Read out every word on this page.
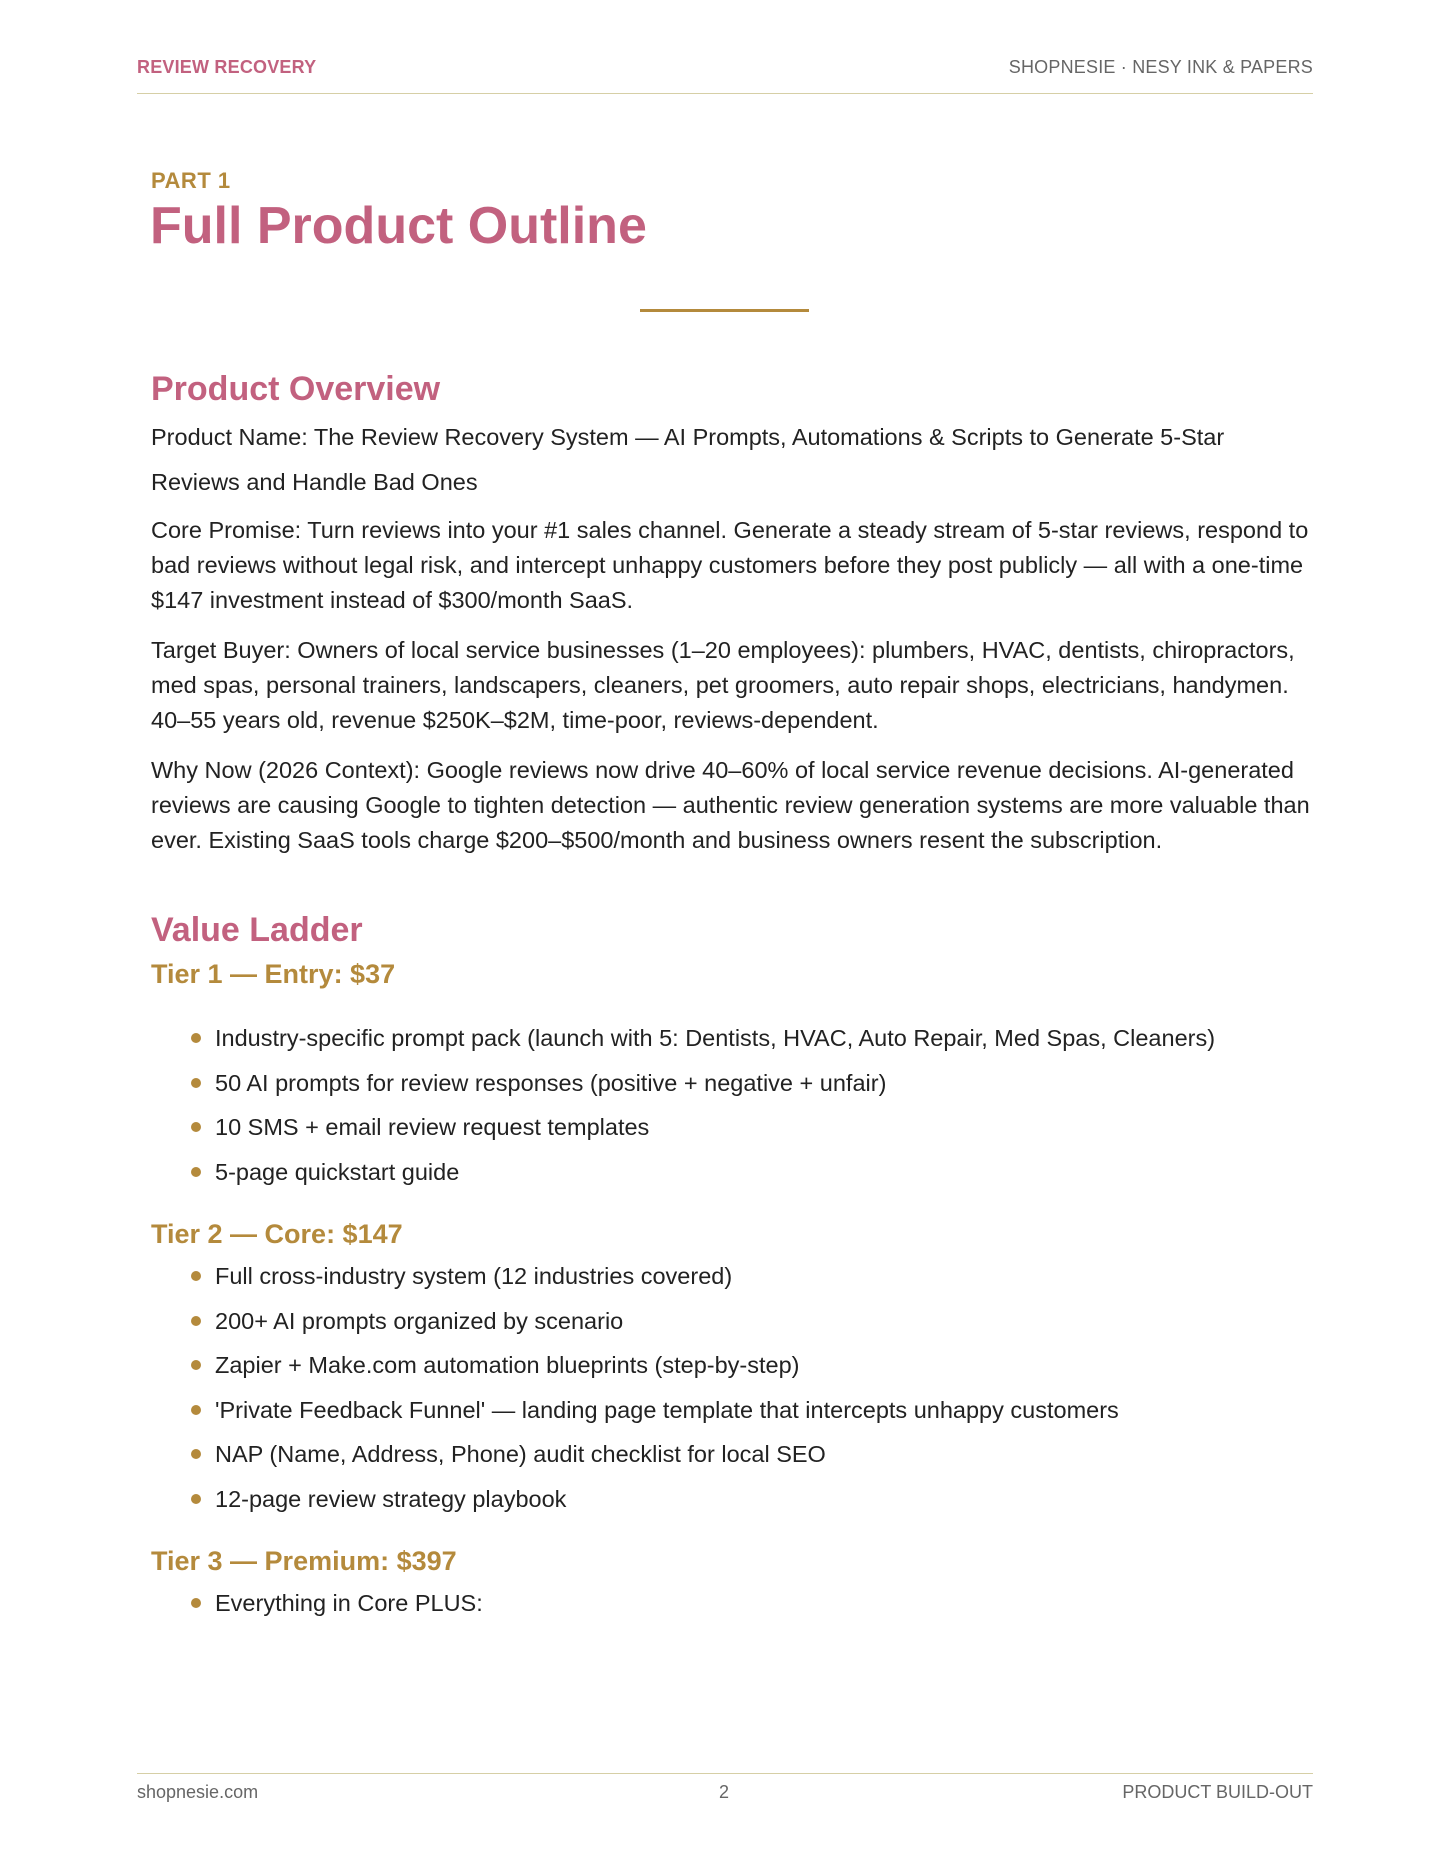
REVIEW RECOVERY	SHOPNESIE · NESY INK & PAPERS
PART 1
Full Product Outline
Product Overview

Product Name: The Review Recovery System — AI Prompts, Automations & Scripts to Generate 5-Star Reviews and Handle Bad Ones

Core Promise: Turn reviews into your #1 sales channel. Generate a steady stream of 5-star reviews, respond to bad reviews without legal risk, and intercept unhappy customers before they post publicly — all with a one-time $147 investment instead of $300/month SaaS.

Target Buyer: Owners of local service businesses (1–20 employees): plumbers, HVAC, dentists, chiropractors, med spas, personal trainers, landscapers, cleaners, pet groomers, auto repair shops, electricians, handymen. 40–55 years old, revenue $250K–$2M, time-poor, reviews-dependent.

Why Now (2026 Context): Google reviews now drive 40–60% of local service revenue decisions. AI-generated reviews are causing Google to tighten detection — authentic review generation systems are more valuable than ever. Existing SaaS tools charge $200–$500/month and business owners resent the subscription.

Value Ladder
Tier 1 — Entry: $37
Industry-specific prompt pack (launch with 5: Dentists, HVAC, Auto Repair, Med Spas, Cleaners)
50 AI prompts for review responses (positive + negative + unfair)
10 SMS + email review request templates
5-page quickstart guide
Tier 2 — Core: $147
Full cross-industry system (12 industries covered)
200+ AI prompts organized by scenario
Zapier + Make.com automation blueprints (step-by-step)
'Private Feedback Funnel' — landing page template that intercepts unhappy customers
NAP (Name, Address, Phone) audit checklist for local SEO
12-page review strategy playbook
Tier 3 — Premium: $397
Everything in Core PLUS:
shopnesie.com	2	PRODUCT BUILD-OUT
